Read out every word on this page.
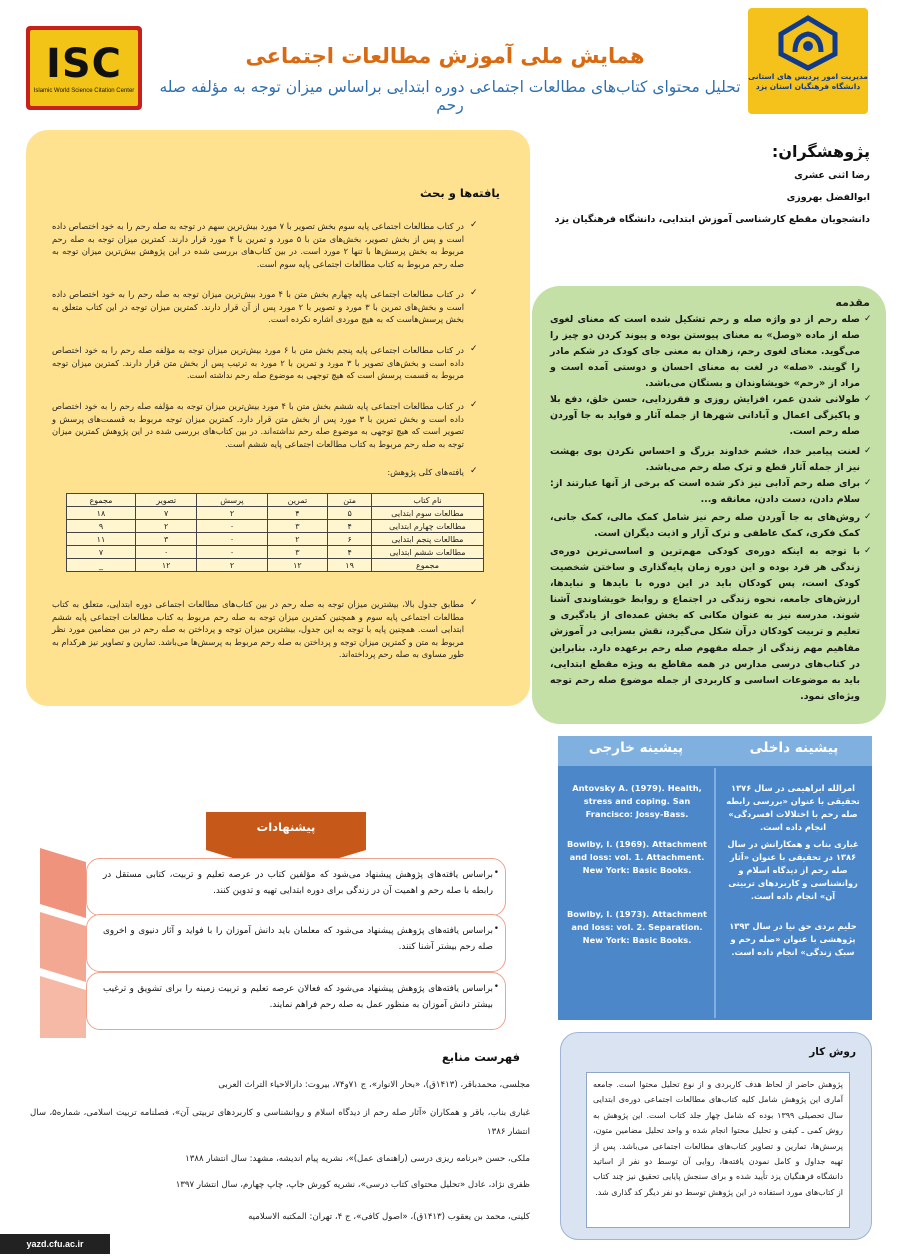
ISC
Islamic World Science Citation Center
مدیریت امور پردیس های استانی
دانشگاه فرهنگیان استان یزد
همایش ملی آموزش مطالعات اجتماعی
تحلیل محتوای کتاب‌های مطالعات اجتماعی دوره ابتدایی براساس میزان توجه به مؤلفه صله رحم
یافته‌ها و بحث
✓
در کتاب مطالعات اجتماعی پایه سوم بخش تصویر با ۷ مورد بیش‌ترین سهم در توجه به صله رحم را به خود اختصاص داده است و پس از بخش تصویر، بخش‌های متن با ۵ مورد و تمرین با ۴ مورد قرار دارند. کمترین میزان توجه به صله رحم مربوط به بخش پرسش‌ها با تنها ۲ مورد است. در بین کتاب‌های بررسی شده در این پژوهش بیش‌ترین میزان توجه به صله رحم مربوط به کتاب مطالعات اجتماعی پایه سوم است.
✓
در کتاب مطالعات اجتماعی پایه چهارم بخش متن با ۴ مورد بیش‌ترین میزان توجه به صله رحم را به خود اختصاص داده است و بخش‌های تمرین با ۳ مورد و تصویر با ۲ مورد پس از آن قرار دارند. کمترین میزان توجه در این کتاب متعلق به بخش پرسش‌هاست که به هیچ موردی اشاره نکرده است.
✓
در کتاب مطالعات اجتماعی پایه پنجم بخش متن با ۶ مورد بیش‌ترین میزان توجه به مؤلفه صله رحم را به خود اختصاص داده است و بخش‌های تصویر با ۳ مورد و تمرین با ۲ مورد به ترتیب پس از بخش متن قرار دارند. کمترین میزان توجه مربوط به قسمت پرسش است که هیچ توجهی به موضوع صله رحم نداشته است.
✓
در کتاب مطالعات اجتماعی پایه ششم بخش متن با ۴ مورد بیش‌ترین میزان توجه به مؤلفه صله رحم را به خود اختصاص داده است و بخش تمرین با ۳ مورد پس از بخش متن قرار دارد. کمترین میزان توجه مربوط به قسمت‌های پرسش و تصویر است که هیچ توجهی به موضوع صله رحم نداشته‌اند. در بین کتاب‌های بررسی شده در این پژوهش کمترین میزان توجه به صله رحم مربوط به کتاب مطالعات اجتماعی پایه ششم است.
✓
یافته‌های کلی پژوهش:
نام کتاب	متن	تمرین	پرسش	تصویر	مجموع
مطالعات سوم ابتدایی	۵	۴	۲	۷	۱۸
مطالعات چهارم ابتدایی	۴	۳	۰	۲	۹
مطالعات پنجم ابتدایی	۶	۲	۰	۳	۱۱
مطالعات ششم ابتدایی	۴	۳	۰	۰	۷
مجموع	۱۹	۱۲	۲	۱۲	_
✓
مطابق جدول بالا، بیشترین میزان توجه به صله رحم در بین کتاب‌های مطالعات اجتماعی دوره ابتدایی، متعلق به کتاب مطالعات اجتماعی پایه سوم و همچنین کمترین میزان توجه به صله رحم مربوط به کتاب مطالعات اجتماعی پایه ششم ابتدایی است. همچنین پایه با توجه به این جدول، بیشترین میزان توجه و پرداختن به صله رحم در بین مضامین مورد نظر مربوط به متن و کمترین میزان توجه و پرداختن به صله رحم مربوط به پرسش‌ها می‌باشد. تمارین و تصاویر نیز هرکدام به طور مساوی به صله رحم پرداخته‌اند.
پژوهشگران:
رضا اثنی عشری
ابوالفضل بهروزی
دانشجویان مقطع کارشناسی آموزش ابتدایی، دانشگاه فرهنگیان یزد
مقدمه
✓
صله رحم از دو واژه صله و رحم تشکیل شده است که معنای لغوی صله از ماده «وصل» به معنای پیوستن بوده و پیوند کردن دو چیز را می‌گوید. معنای لغوی رحم، زهدان به معنی جای کودک در شکم مادر را گویند. «صله» در لغت به معنای احسان و دوستی آمده است و مراد از «رحم» خویشاوندان و بستگان می‌باشد.
✓
طولانی شدن عمر، افزایش روزی و فقرزدایی، حسن خلق، دفع بلا و پاکیزگی اعمال و آبادانی شهرها از جمله آثار و فواید به جا آوردن صله رحم است.
✓
لعنت پیامبر خدا، خشم خداوند بزرگ و احساس نکردن بوی بهشت نیز از جمله آثار قطع و ترک صله رحم می‌باشد.
✓
برای صله رحم آدابی نیز ذکر شده است که برخی از آنها عبارتند از: سلام دادن، دست دادن، معانقه و...
✓
روش‌های به جا آوردن صله رحم نیز شامل کمک مالی، کمک جانی، کمک فکری، کمک عاطفی و ترک آزار و اذیت دیگران است.
✓
با توجه به اینکه دوره‌ی کودکی مهم‌ترین و اساسی‌ترین دوره‌ی زندگی هر فرد بوده و این دوره زمان پایه‌گذاری و ساختن شخصیت کودک است، پس کودکان باید در این دوره با بایدها و نبایدها، ارزش‌های جامعه، نحوه زندگی در اجتماع و روابط خویشاوندی آشنا شوند. مدرسه نیز به عنوان مکانی که بخش عمده‌ای از یادگیری و تعلیم و تربیت کودکان درآن شکل می‌گیرد، نقش بسزایی در آموزش مفاهیم مهم زندگی از جمله مفهوم صله رحم برعهده دارد. بنابراین در کتاب‌های درسی مدارس در همه مقاطع به ویژه مقطع ابتدایی، باید به موضوعات اساسی و کاربردی از جمله موضوع صله رحم توجه ویژه‌ای نمود.
پیشینه داخلی
پیشینه خارجی
امرالله ابراهیمی در سال ۱۳۷۶ تحقیقی با عنوان «بررسی رابطه صله رحم با اختلالات افسردگی» انجام داده است.
غباری بناب و همکارانش در سال ۱۳۸۶ در تحقیقی با عنوان «آثار صله رحم از دیدگاه اسلام و روانشناسی و کاربردهای تربیتی آن» انجام داده است.
حلیم بردی حق نیا در سال ۱۳۹۳ پژوهشی با عنوان «صله رحم و سبک زندگی» انجام داده است.
Antovsky A. (1979). Health, stress and coping. San Francisco: Jossy-Bass.
Bowlby, I. (1969). Attachment and loss: vol. 1. Attachment. New York: Basic Books.
Bowlby, I. (1973). Attachment and loss: vol. 2. Separation. New York: Basic Books.
پیشنهادات
•
براساس یافته‌های پژوهش پیشنهاد می‌شود که مؤلفین کتاب در عرصه تعلیم و تربیت، کتابی مستقل در رابطه با صله رحم و اهمیت آن در زندگی برای دوره ابتدایی تهیه و تدوین کنند.
•
براساس یافته‌های پژوهش پیشنهاد می‌شود که معلمان باید دانش آموزان را با فواید و آثار دنیوی و اخروی صله رحم بیشتر آشنا کنند.
•
براساس یافته‌های پژوهش پیشنهاد می‌شود که فعالان عرصه تعلیم و تربیت زمینه را برای تشویق و ترغیب بیشتر دانش آموزان به منظور عمل به صله رحم فراهم نمایند.
فهرست منابع
مجلسی، محمدباقر، (۱۴۱۳ق)، «بحار الانوار»، ج ۷۱و۷۴، بیروت: دارالاحیاء التراث العربی
غباری بناب، باقر و همکاران «آثار صله رحم از دیدگاه اسلام و روانشناسی و کاربردهای تربیتی آن»، فصلنامه تربیت اسلامی، شماره۵، سال انتشار ۱۳۸۶
ملکی، حسن «برنامه ریزی درسی (راهنمای عمل)»، نشریه پیام اندیشه، مشهد: سال انتشار ۱۳۸۸
ظفری نژاد، عادل «تحلیل محتوای کتاب درسی»، نشریه کورش جاپ، چاپ چهارم، سال انتشار ۱۳۹۷
کلینی، محمد بن یعقوب (۱۴۱۳ق)، «اصول کافی»، ج ۴، تهران: المکتبه الاسلامیه
روش کار
پژوهش حاضر از لحاظ هدف کاربردی و از نوع تحلیل محتوا است. جامعه آماری این پژوهش شامل کلیه کتاب‌های مطالعات اجتماعی دوره‌ی ابتدایی سال تحصیلی ۱۳۹۹ بوده که شامل چهار جلد کتاب است. این پژوهش به روش کمی ـ کیفی و تحلیل محتوا انجام شده و واحد تحلیل مضامین متون، پرسش‌ها، تمارین و تصاویر کتاب‌های مطالعات اجتماعی می‌باشد. پس از تهیه جداول و کامل نمودن یافته‌ها، روایی آن توسط دو نفر از اساتید دانشگاه فرهنگیان یزد تأیید شده و برای سنجش پایایی تحقیق نیز چند کتاب از کتاب‌های مورد استفاده در این پژوهش توسط دو نفر دیگر کد گذاری شد.
yazd.cfu.ac.ir
